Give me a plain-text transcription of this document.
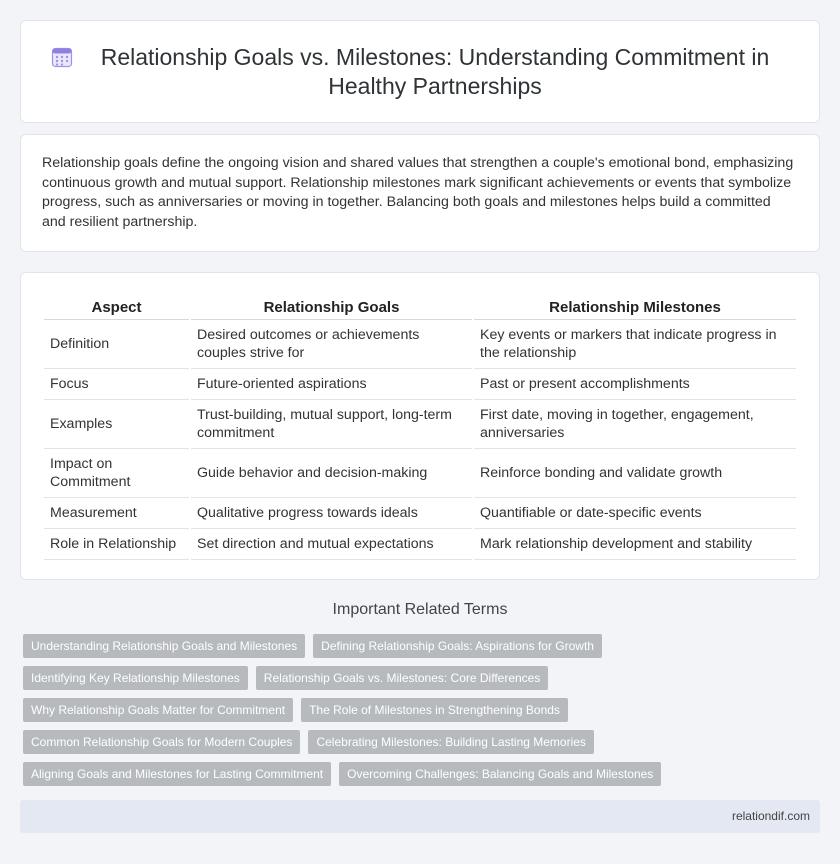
Relationship Goals vs. Milestones: Understanding Commitment in Healthy Partnerships

Relationship goals define the ongoing vision and shared values that strengthen a couple's emotional bond, emphasizing continuous growth and mutual support. Relationship milestones mark significant achievements or events that symbolize progress, such as anniversaries or moving in together. Balancing both goals and milestones helps build a committed and resilient partnership.

Aspect	Relationship Goals	Relationship Milestones
Definition	Desired outcomes or achievements couples strive for	Key events or markers that indicate progress in the relationship
Focus	Future-oriented aspirations	Past or present accomplishments
Examples	Trust-building, mutual support, long-term commitment	First date, moving in together, engagement, anniversaries
Impact on Commitment	Guide behavior and decision-making	Reinforce bonding and validate growth
Measurement	Qualitative progress towards ideals	Quantifiable or date-specific events
Role in Relationship	Set direction and mutual expectations	Mark relationship development and stability
Important Related Terms
Understanding Relationship Goals and Milestones	Defining Relationship Goals: Aspirations for Growth
Identifying Key Relationship Milestones	Relationship Goals vs. Milestones: Core Differences
Why Relationship Goals Matter for Commitment	The Role of Milestones in Strengthening Bonds
Common Relationship Goals for Modern Couples	Celebrating Milestones: Building Lasting Memories
Aligning Goals and Milestones for Lasting Commitment	Overcoming Challenges: Balancing Goals and Milestones
relationdif.com
